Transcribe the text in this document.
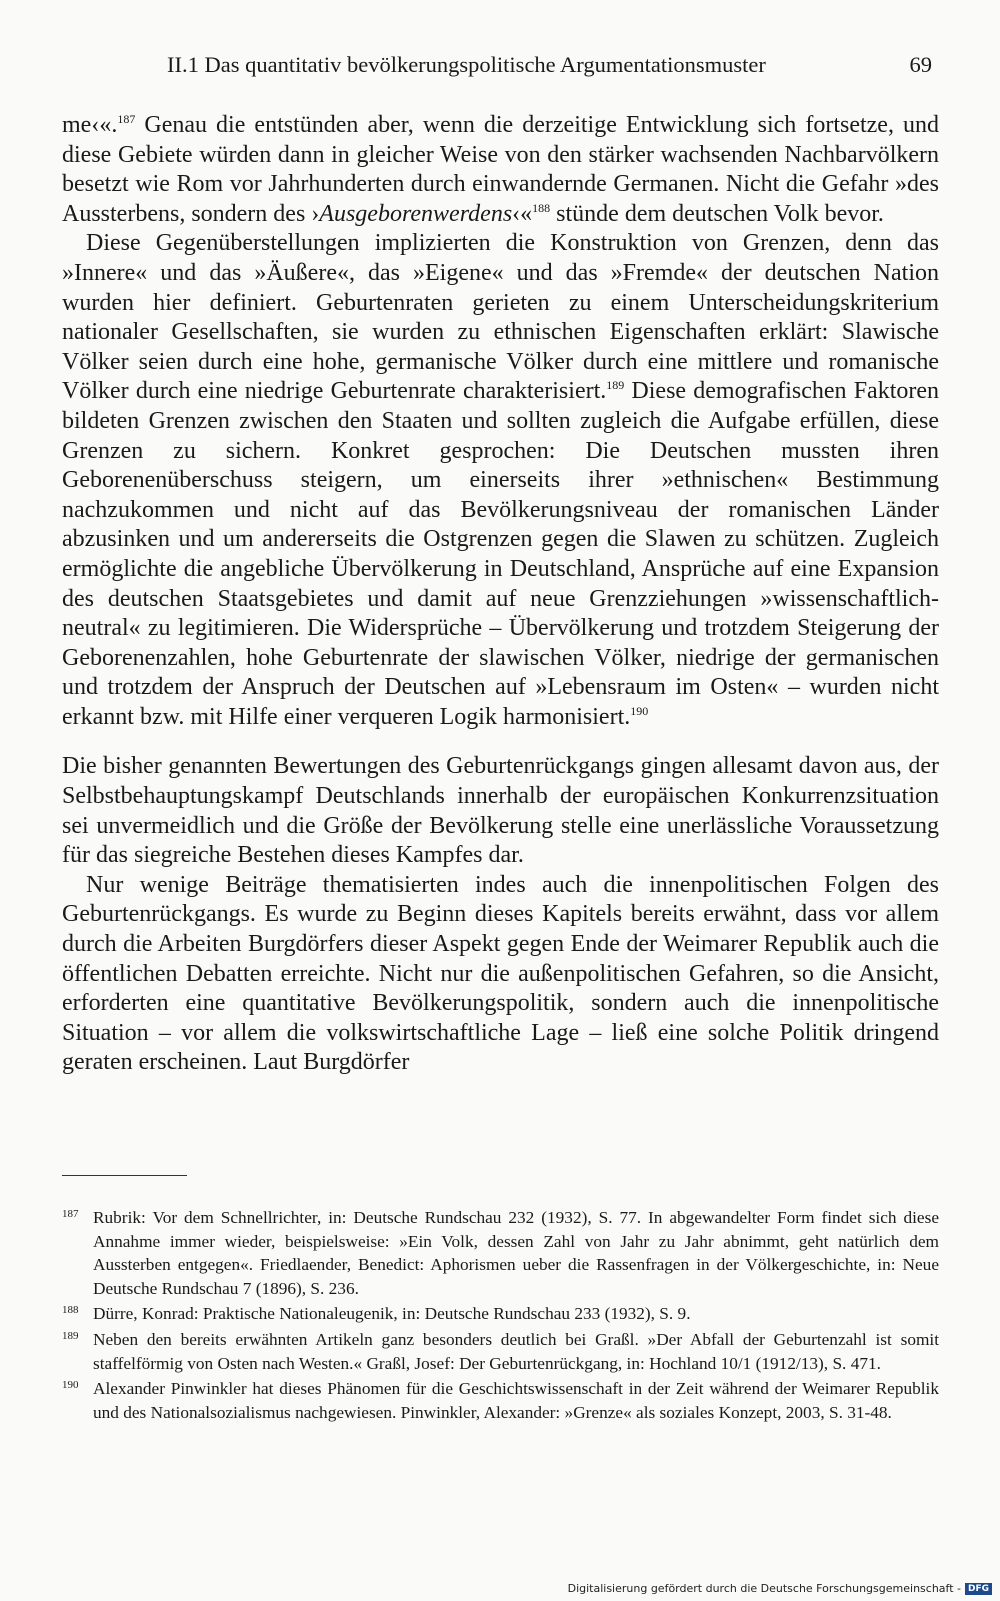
II.1 Das quantitativ bevölkerungspolitische Argumentationsmuster	69

me‹«.$^{187}$ Genau die entstünden aber, wenn die derzeitige Entwicklung sich fortsetze, und diese Gebiete würden dann in gleicher Weise von den stärker wachsenden Nachbarvölkern besetzt wie Rom vor Jahrhunderten durch einwandernde Germanen. Nicht die Gefahr »des Aussterbens, sondern des ›Ausgeborenwerdens‹«$^{188}$ stünde dem deutschen Volk bevor.

Diese Gegenüberstellungen implizierten die Konstruktion von Grenzen, denn das »Innere« und das »Äußere«, das »Eigene« und das »Fremde« der deutschen Nation wurden hier definiert. Geburtenraten gerieten zu einem Unterscheidungskriterium nationaler Gesellschaften, sie wurden zu ethnischen Eigenschaften erklärt: Slawische Völker seien durch eine hohe, germanische Völker durch eine mittlere und romanische Völker durch eine niedrige Geburtenrate charakterisiert.$^{189}$ Diese demografischen Faktoren bildeten Grenzen zwischen den Staaten und sollten zugleich die Aufgabe erfüllen, diese Grenzen zu sichern. Konkret gesprochen: Die Deutschen mussten ihren Geborenenüberschuss steigern, um einerseits ihrer »ethnischen« Bestimmung nachzukommen und nicht auf das Bevölkerungsniveau der romanischen Länder abzusinken und um andererseits die Ostgrenzen gegen die Slawen zu schützen. Zugleich ermöglichte die angebliche Übervölkerung in Deutschland, Ansprüche auf eine Expansion des deutschen Staatsgebietes und damit auf neue Grenzziehungen »wissenschaftlich-neutral« zu legitimieren. Die Widersprüche – Übervölkerung und trotzdem Steigerung der Geborenenzahlen, hohe Geburtenrate der slawischen Völker, niedrige der germanischen und trotzdem der Anspruch der Deutschen auf »Lebensraum im Osten« – wurden nicht erkannt bzw. mit Hilfe einer verqueren Logik harmonisiert.$^{190}$

Die bisher genannten Bewertungen des Geburtenrückgangs gingen allesamt davon aus, der Selbstbehauptungskampf Deutschlands innerhalb der europäischen Konkurrenzsituation sei unvermeidlich und die Größe der Bevölkerung stelle eine unerlässliche Voraussetzung für das siegreiche Bestehen dieses Kampfes dar.

Nur wenige Beiträge thematisierten indes auch die innenpolitischen Folgen des Geburtenrückgangs. Es wurde zu Beginn dieses Kapitels bereits erwähnt, dass vor allem durch die Arbeiten Burgdörfers dieser Aspekt gegen Ende der Weimarer Republik auch die öffentlichen Debatten erreichte. Nicht nur die außenpolitischen Gefahren, so die Ansicht, erforderten eine quantitative Bevölkerungspolitik, sondern auch die innenpolitische Situation – vor allem die volkswirtschaftliche Lage – ließ eine solche Politik dringend geraten erscheinen. Laut Burgdörfer

187 Rubrik: Vor dem Schnellrichter, in: Deutsche Rundschau 232 (1932), S. 77. In abgewandelter Form findet sich diese Annahme immer wieder, beispielsweise: »Ein Volk, dessen Zahl von Jahr zu Jahr abnimmt, geht natürlich dem Aussterben entgegen«. Friedlaender, Benedict: Aphorismen ueber die Rassenfragen in der Völkergeschichte, in: Neue Deutsche Rundschau 7 (1896), S. 236.
188 Dürre, Konrad: Praktische Nationaleugenik, in: Deutsche Rundschau 233 (1932), S. 9.
189 Neben den bereits erwähnten Artikeln ganz besonders deutlich bei Graßl. »Der Abfall der Geburtenzahl ist somit staffelförmig von Osten nach Westen.« Graßl, Josef: Der Geburtenrückgang, in: Hochland 10/1 (1912/13), S. 471.
190 Alexander Pinwinkler hat dieses Phänomen für die Geschichtswissenschaft in der Zeit während der Weimarer Republik und des Nationalsozialismus nachgewiesen. Pinwinkler, Alexander: »Grenze« als soziales Konzept, 2003, S. 31-48.
Digitalisierung gefördert durch die Deutsche Forschungsgemeinschaft - DFG
